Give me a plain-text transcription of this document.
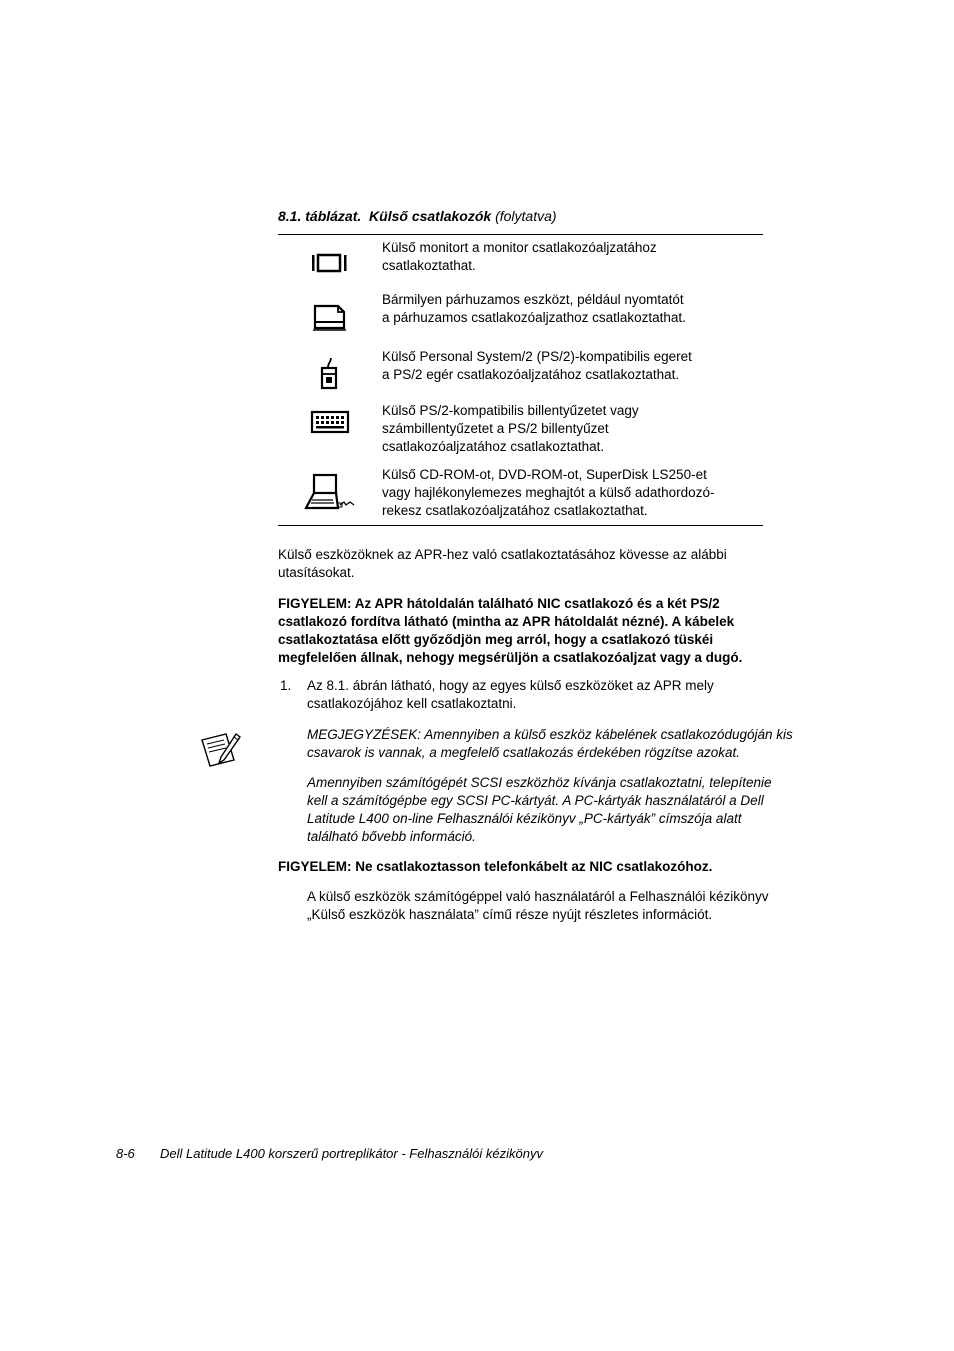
8.1. táblázat. Külső csatlakozók (folytatva)
Külső monitort a monitor csatlakozóaljzatához
csatlakoztathat.
Bármilyen párhuzamos eszközt, például nyomtatót
a párhuzamos csatlakozóaljzathoz csatlakoztathat.
Külső Personal System/2 (PS/2)-kompatibilis egeret
a PS/2 egér csatlakozóaljzatához csatlakoztathat.
Külső PS/2-kompatibilis billentyűzetet vagy
számbillentyűzetet a PS/2 billentyűzet
csatlakozóaljzatához csatlakoztathat.
Külső CD-ROM-ot, DVD-ROM-ot, SuperDisk LS250-et
vagy hajlékonylemezes meghajtót a külső adathordozó-
rekesz csatlakozóaljzatához csatlakoztathat.
Külső eszközöknek az APR-hez való csatlakoztatásához kövesse az alábbi
utasításokat.
FIGYELEM: Az APR hátoldalán található NIC csatlakozó és a két PS/2
csatlakozó fordítva látható (mintha az APR hátoldalát nézné). A kábelek
csatlakoztatása előtt győződjön meg arról, hogy a csatlakozó tüskéi
megfelelően állnak, nehogy megsérüljön a csatlakozóaljzat vagy a dugó.
1. Az 8.1. ábrán látható, hogy az egyes külső eszközöket az APR mely
csatlakozójához kell csatlakoztatni.
MEGJEGYZÉSEK: Amennyiben a külső eszköz kábelének csatlakozódugóján kis
csavarok is vannak, a megfelelő csatlakozás érdekében rögzítse azokat.
Amennyiben számítógépét SCSI eszközhöz kívánja csatlakoztatni, telepítenie
kell a számítógépbe egy SCSI PC-kártyát. A PC-kártyák használatáról a Dell
Latitude L400 on-line Felhasználói kézikönyv „PC-kártyák” címszója alatt
található bővebb információ.
FIGYELEM: Ne csatlakoztasson telefonkábelt az NIC csatlakozóhoz.
A külső eszközök számítógéppel való használatáról a Felhasználói kézikönyv
„Külső eszközök használata” című része nyújt részletes információt.
8-6 Dell Latitude L400 korszerű portreplikátor - Felhasználói kézikönyv
